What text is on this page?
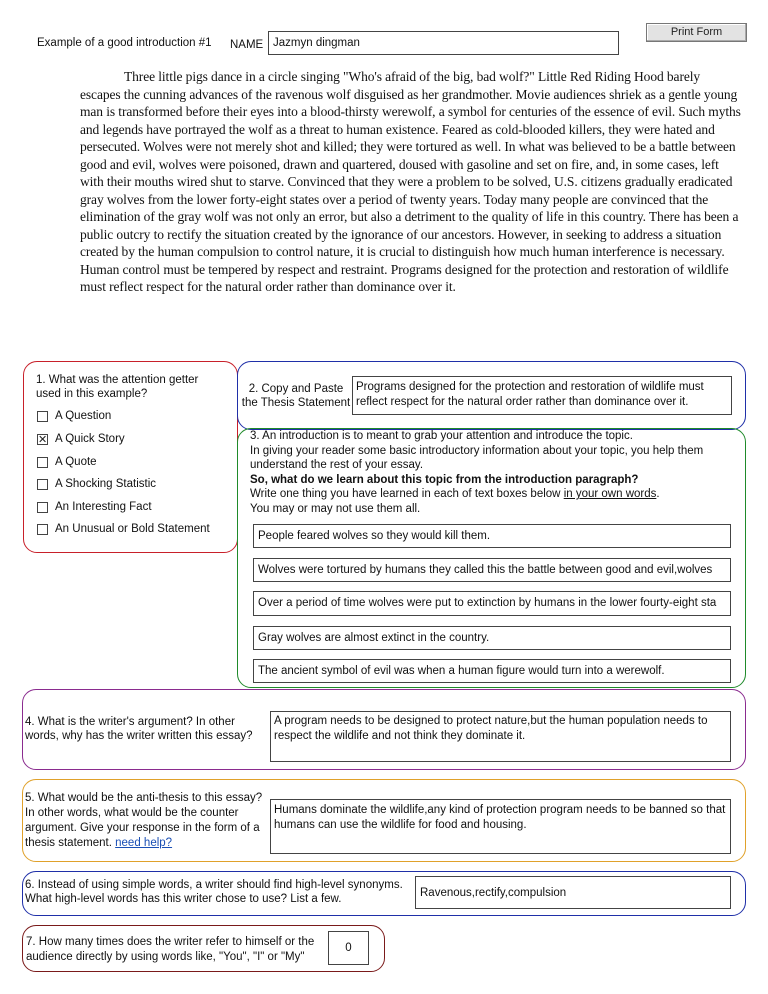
Example of a good introduction #1 NAME Jazmyn dingman
Print Form

Three little pigs dance in a circle singing "Who's afraid of the big, bad wolf?" Little Red Riding Hood barely escapes the cunning advances of the ravenous wolf disguised as her grandmother. Movie audiences shriek as a gentle young man is transformed before their eyes into a blood-thirsty werewolf, a symbol for centuries of the essence of evil. Such myths and legends have portrayed the wolf as a threat to human existence. Feared as cold-blooded killers, they were hated and persecuted. Wolves were not merely shot and killed; they were tortured as well. In what was believed to be a battle between good and evil, wolves were poisoned, drawn and quartered, doused with gasoline and set on fire, and, in some cases, left with their mouths wired shut to starve. Convinced that they were a problem to be solved, U.S. citizens gradually eradicated gray wolves from the lower forty-eight states over a period of twenty years. Today many people are convinced that the elimination of the gray wolf was not only an error, but also a detriment to the quality of life in this country. There has been a public outcry to rectify the situation created by the ignorance of our ancestors. However, in seeking to address a situation created by the human compulsion to control nature, it is crucial to distinguish how much human interference is necessary. Human control must be tempered by respect and restraint. Programs designed for the protection and restoration of wildlife must reflect respect for the natural order rather than dominance over it.

1. What was the attention getter used in this example?
A Question
✕ A Quick Story
A Quote
A Shocking Statistic
An Interesting Fact
An Unusual or Bold Statement
2. Copy and Paste the Thesis Statement
Programs designed for the protection and restoration of wildlife must reflect respect for the natural order rather than dominance over it.
3. An introduction is to meant to grab your attention and introduce the topic.
In giving your reader some basic introductory information about your topic, you help them understand the rest of your essay.
So, what do we learn about this topic from the introduction paragraph?
Write one thing you have learned in each of text boxes below in your own words.
You may or may not use them all.
People feared wolves so they would kill them.
Wolves were tortured by humans they called this the battle between good and evil,wolves
Over a period of time wolves were put to extinction by humans in the lower fourty-eight sta
Gray wolves are almost extinct in the country.
The ancient symbol of evil was when a human figure would turn into a werewolf.
4. What is the writer's argument? In other words, why has the writer written this essay?
A program needs to be designed to protect nature,but the human population needs to respect the wildlife and not think they dominate it.
5. What would be the anti-thesis to this essay? In other words, what would be the counter argument. Give your response in the form of a thesis statement. need help?
Humans dominate the wildlife,any kind of protection program needs to be banned so that humans can use the wildlife for food and housing.
6. Instead of using simple words, a writer should find high-level synonyms. What high-level words has this writer chose to use? List a few.	Ravenous,rectify,compulsion
7. How many times does the writer refer to himself or the audience directly by using words like, "You", "I" or "My"
0
